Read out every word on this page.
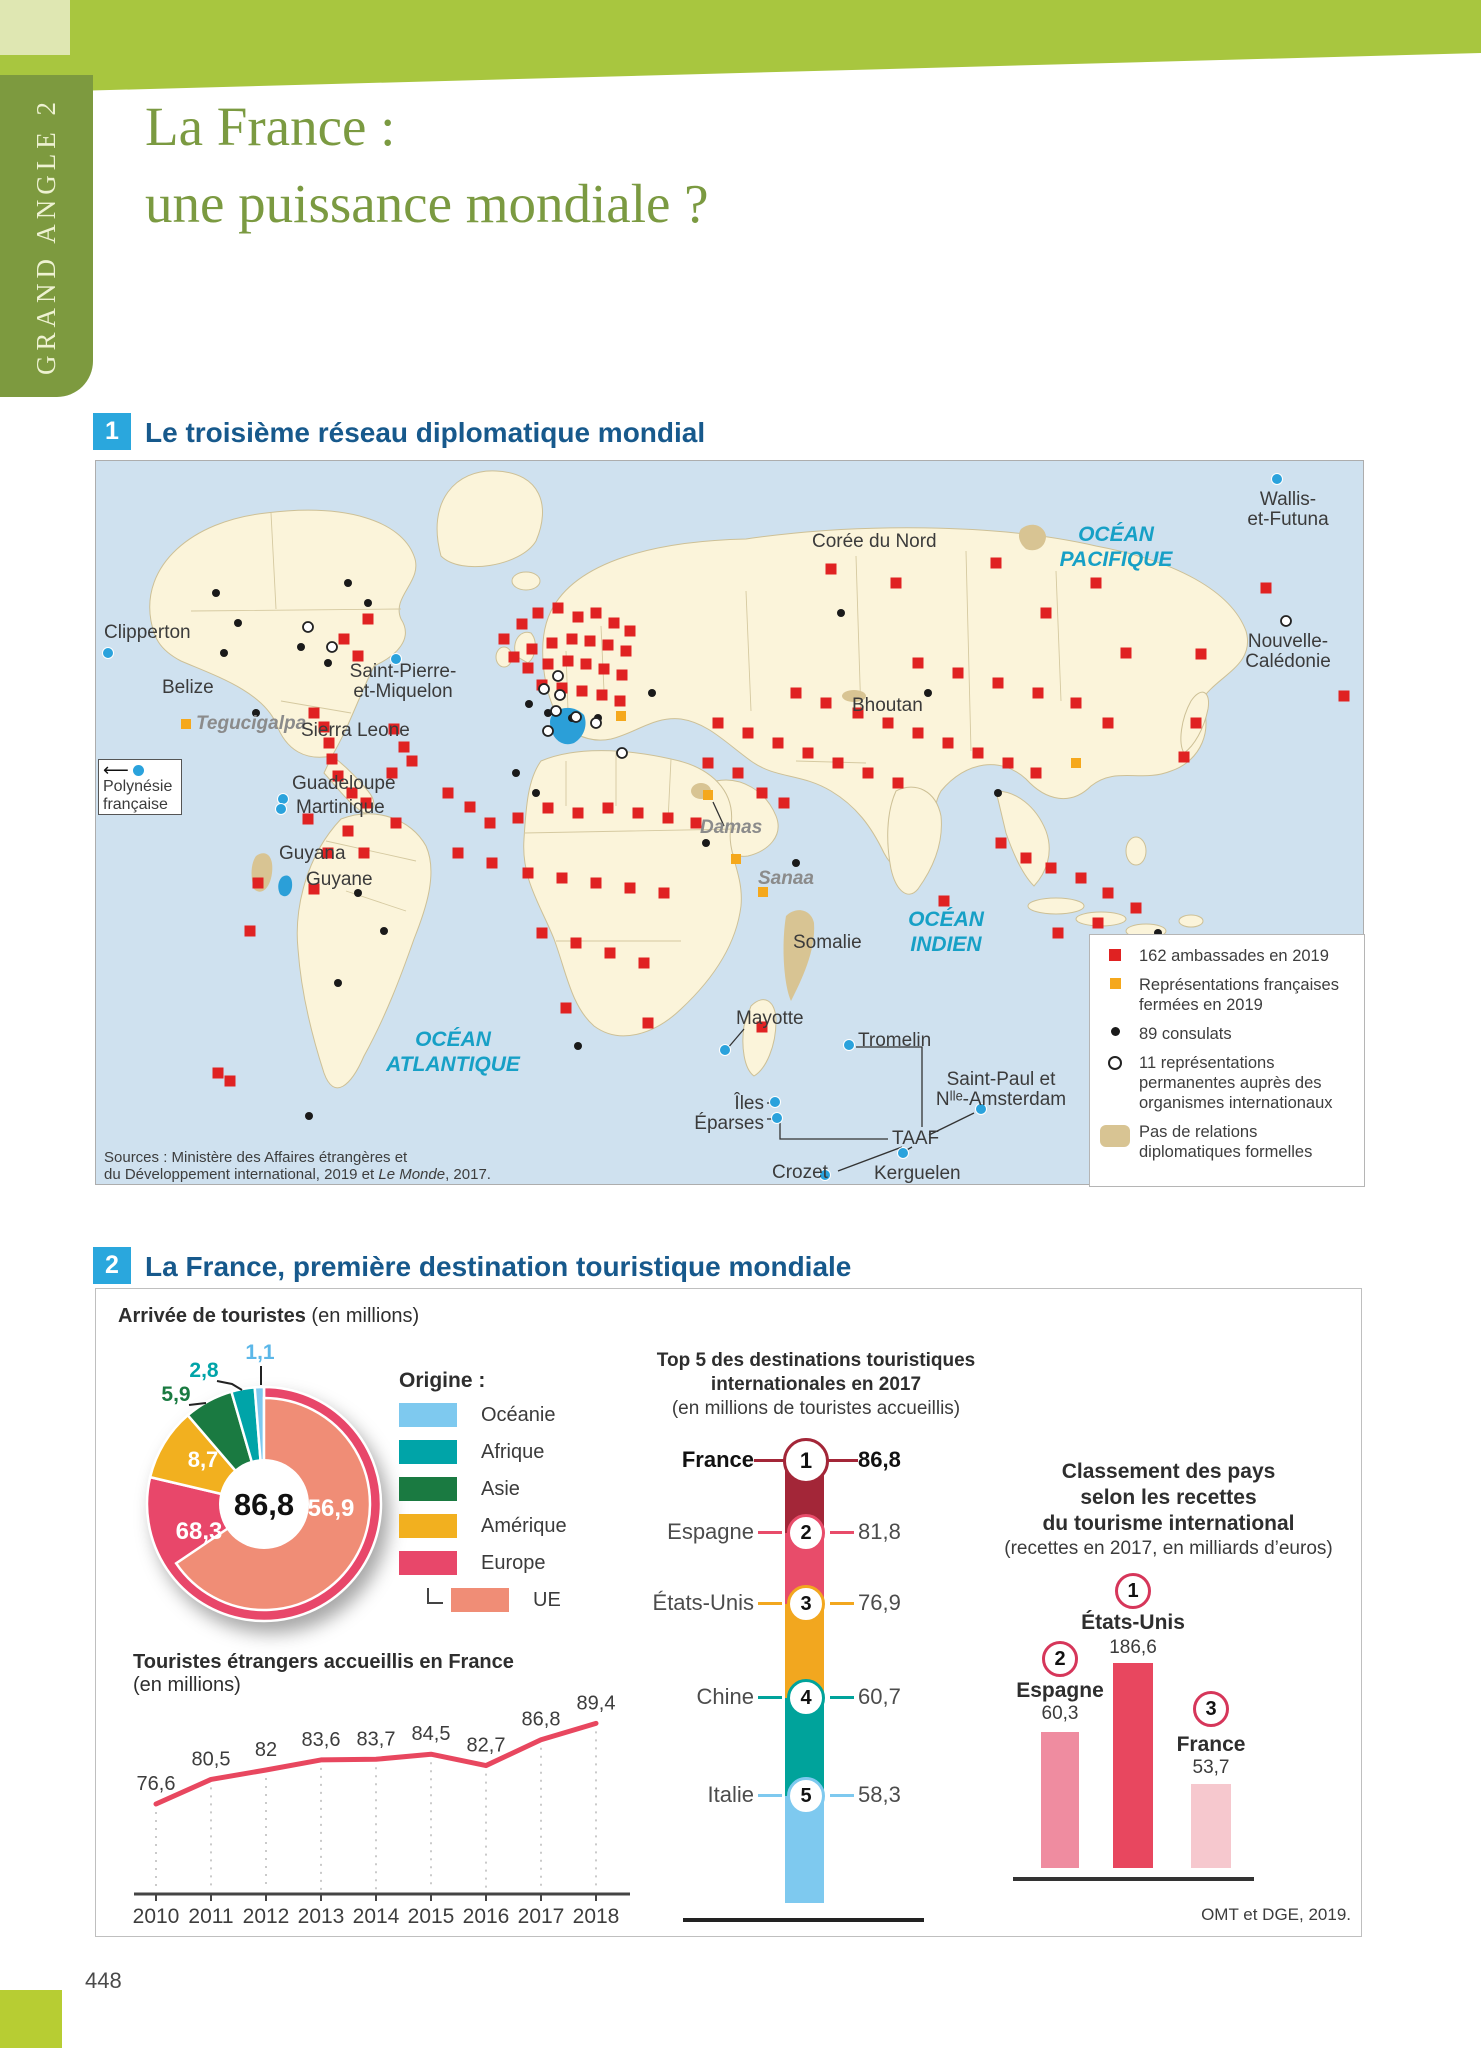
GRAND ANGLE 2 La France :
une puissance mondiale ?
1 Le troisième réseau diplomatique mondial
OCÉAN PACIFIQUE
OCÉAN ATLANTIQUE
OCÉAN INDIEN
Clipperton
Belize
Tegucigalpa
Saint-Pierre-et-Miquelon
Guadeloupe
Martinique
Guyana
Guyane
Sierra Leone
Corée du Nord
Bhoutan
Damas
Sanaa
Somalie
Mayotte
Tromelin
Îles Éparses
TAAF
Saint-Paul et Nˡˡᵉ-Amsterdam
Crozet Kerguelen
Wallis-et-Futuna
Nouvelle-Calédonie
⟵
Polynésie
française
162 ambassades en 2019
Représentations françaises
fermées en 2019
89 consulats
11 représentations
permanentes auprès des
organismes internationaux
Pas de relations
diplomatiques formelles
Sources : Ministère des Affaires étrangères et
du Développement international, 2019 et Le Monde, 2017.
2 La France, première destination touristique mondiale
Arrivée de touristes (en millions)
86,8 56,9
68,3
8,7
5,9
2,8
1,1
Origine :
Océanie
Afrique
Asie
Amérique
Europe
UE
Touristes étrangers accueillis en France
(en millions)
2010 2011 2012 2013 2014 2015 2016 2017 2018
76,6
80,5 82 83,6 83,7 84,5
82,7
86,8
89,4
Top 5 des destinations touristiques
internationales en 2017
(en millions de touristes accueillis)
1
France	86,8
2
Espagne	81,8
3
États-Unis	76,9
4
Chine	60,7
5
Italie	58,3
Classement des pays
selon les recettes
du tourisme international
(recettes en 2017, en milliards d’euros)
1
États-Unis
186,6
2
Espagne
60,3	3
France
53,7
OMT et DGE, 2019.
448
